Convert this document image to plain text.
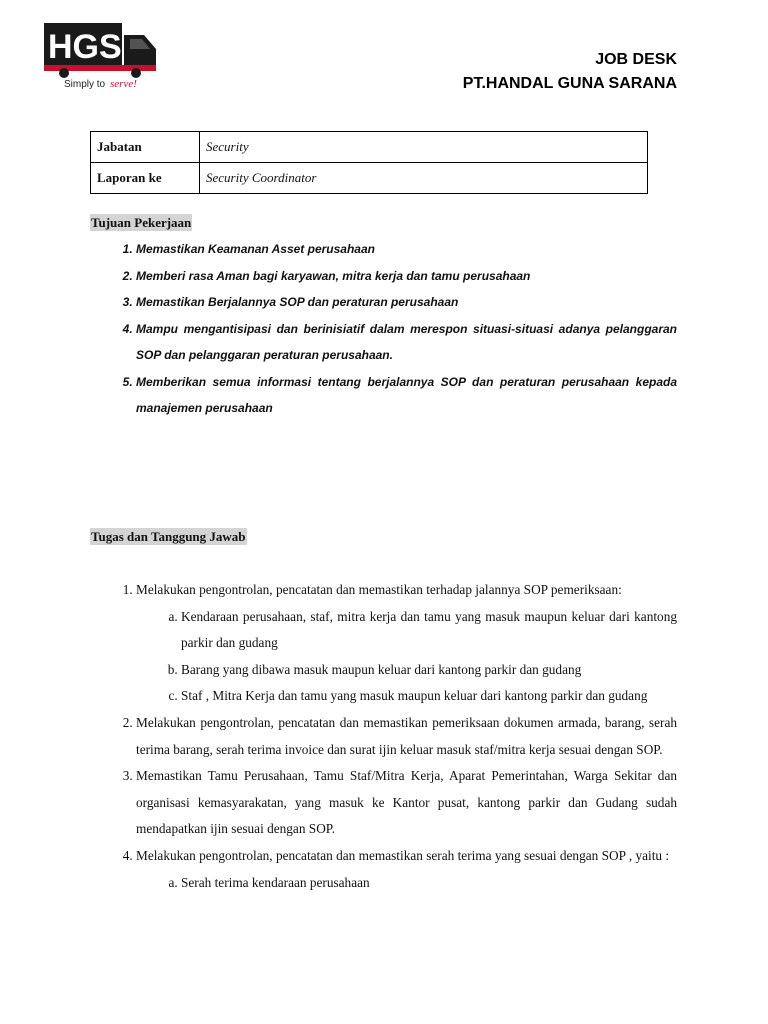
HGS
Simply to serve!
JOB DESK
PT.HANDAL GUNA SARANA
Jabatan	Security
Laporan ke	Security Coordinator
Tujuan Pekerjaan
1. Memastikan Keamanan Asset perusahaan
2. Memberi rasa Aman bagi karyawan, mitra kerja dan tamu perusahaan
3. Memastikan Berjalannya SOP dan peraturan perusahaan
4. Mampu mengantisipasi dan berinisiatif dalam merespon situasi-situasi adanya pelanggaran SOP dan pelanggaran peraturan perusahaan.
5. Memberikan semua informasi tentang berjalannya SOP dan peraturan perusahaan kepada manajemen perusahaan
Tugas dan Tanggung Jawab
1. Melakukan pengontrolan, pencatatan dan memastikan terhadap jalannya SOP pemeriksaan:
a. Kendaraan perusahaan, staf, mitra kerja dan tamu yang masuk maupun keluar dari kantong parkir dan gudang
b. Barang yang dibawa masuk maupun keluar dari kantong parkir dan gudang
c. Staf , Mitra Kerja dan tamu yang masuk maupun keluar dari kantong parkir dan gudang
2. Melakukan pengontrolan, pencatatan dan memastikan pemeriksaan dokumen armada, barang, serah terima barang, serah terima invoice dan surat ijin keluar masuk staf/mitra kerja sesuai dengan SOP.
3. Memastikan Tamu Perusahaan, Tamu Staf/Mitra Kerja, Aparat Pemerintahan, Warga Sekitar dan organisasi kemasyarakatan, yang masuk ke Kantor pusat, kantong parkir dan Gudang sudah mendapatkan ijin sesuai dengan SOP.
4. Melakukan pengontrolan, pencatatan dan memastikan serah terima yang sesuai dengan SOP , yaitu :
a. Serah terima kendaraan perusahaan
